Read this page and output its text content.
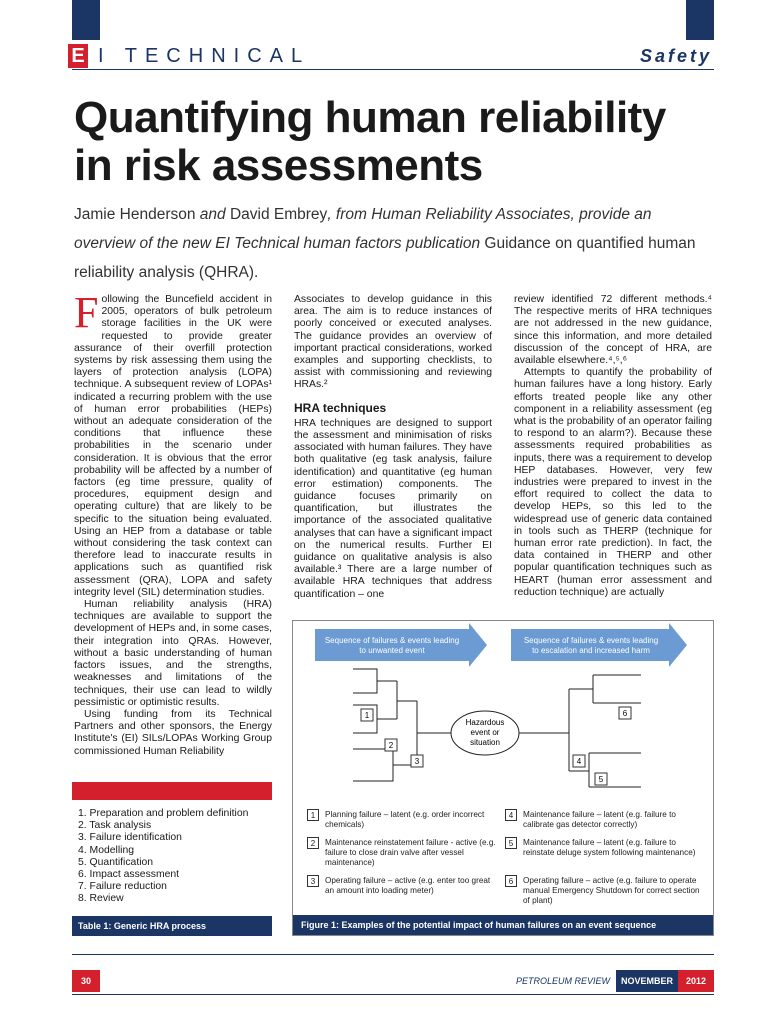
E I TECHNICAL	Safety
Quantifying human reliability in risk assessments
Jamie Henderson and David Embrey, from Human Reliability Associates, provide an overview of the new EI Technical human factors publication Guidance on quantified human reliability analysis (QHRA).

Following the Buncefield accident in 2005, operators of bulk petroleum storage facilities in the UK were requested to provide greater assurance of their overfill protection systems by risk assessing them using the layers of protection analysis (LOPA) technique. A subsequent review of LOPAs¹ indicated a recurring problem with the use of human error probabilities (HEPs) without an adequate consideration of the conditions that influence these probabilities in the scenario under consideration. It is obvious that the error probability will be affected by a number of factors (eg time pressure, quality of procedures, equipment design and operating culture) that are likely to be specific to the situation being evaluated. Using an HEP from a database or table without considering the task context can therefore lead to inaccurate results in applications such as quantified risk assessment (QRA), LOPA and safety integrity level (SIL) determination studies.

Human reliability analysis (HRA) techniques are available to support the development of HEPs and, in some cases, their integration into QRAs. However, without a basic understanding of human factors issues, and the strengths, weaknesses and limitations of the techniques, their use can lead to wildly pessimistic or optimistic results.

Using funding from its Technical Partners and other sponsors, the Energy Institute's (EI) SILs/LOPAs Working Group commissioned Human Reliability

Associates to develop guidance in this area. The aim is to reduce instances of poorly conceived or executed analyses. The guidance provides an overview of important practical considerations, worked examples and supporting checklists, to assist with commissioning and reviewing HRAs.²

HRA techniques

HRA techniques are designed to support the assessment and minimisation of risks associated with human failures. They have both qualitative (eg task analysis, failure identification) and quantitative (eg human error estimation) components. The guidance focuses primarily on quantification, but illustrates the importance of the associated qualitative analyses that can have a significant impact on the numerical results. Further EI guidance on qualitative analysis is also available.³ There are a large number of available HRA techniques that address quantification – one

review identified 72 different methods.⁴ The respective merits of HRA techniques are not addressed in the new guidance, since this information, and more detailed discussion of the concept of HRA, are available elsewhere.⁴,⁵,⁶

Attempts to quantify the probability of human failures have a long history. Early efforts treated people like any other component in a reliability assessment (eg what is the probability of an operator failing to respond to an alarm?). Because these assessments required probabilities as inputs, there was a requirement to develop HEP databases. However, very few industries were prepared to invest in the effort required to collect the data to develop HEPs, so this led to the widespread use of generic data contained in tools such as THERP (technique for human error rate prediction). In fact, the data contained in THERP and other popular quantification techniques such as HEART (human error assessment and reduction technique) are actually

1. Preparation and problem definition
2. Task analysis
3. Failure identification
4. Modelling
5. Quantification
6. Impact assessment
7. Failure reduction
8. Review
Table 1: Generic HRA process
Sequence of failures & events leading to unwanted event
Sequence of failures & events leading to escalation and increased harm
Hazardous event or situation
1
2
3	4
5
6
1	Planning failure – latent (e.g. order incorrect chemicals)
2	Maintenance reinstatement failure - active (e.g. failure to close drain valve after vessel maintenance)
3	Operating failure – active (e.g. enter too great an amount into loading meter)
4	Maintenance failure – latent (e.g. failure to calibrate gas detector correctly)
5	Maintenance failure – latent (e.g. failure to reinstate deluge system following maintenance)
6	Operating failure – active (e.g. failure to operate manual Emergency Shutdown for correct section of plant)
Figure 1: Examples of the potential impact of human failures on an event sequence
30	PETROLEUM REVIEW	NOVEMBER	2012
